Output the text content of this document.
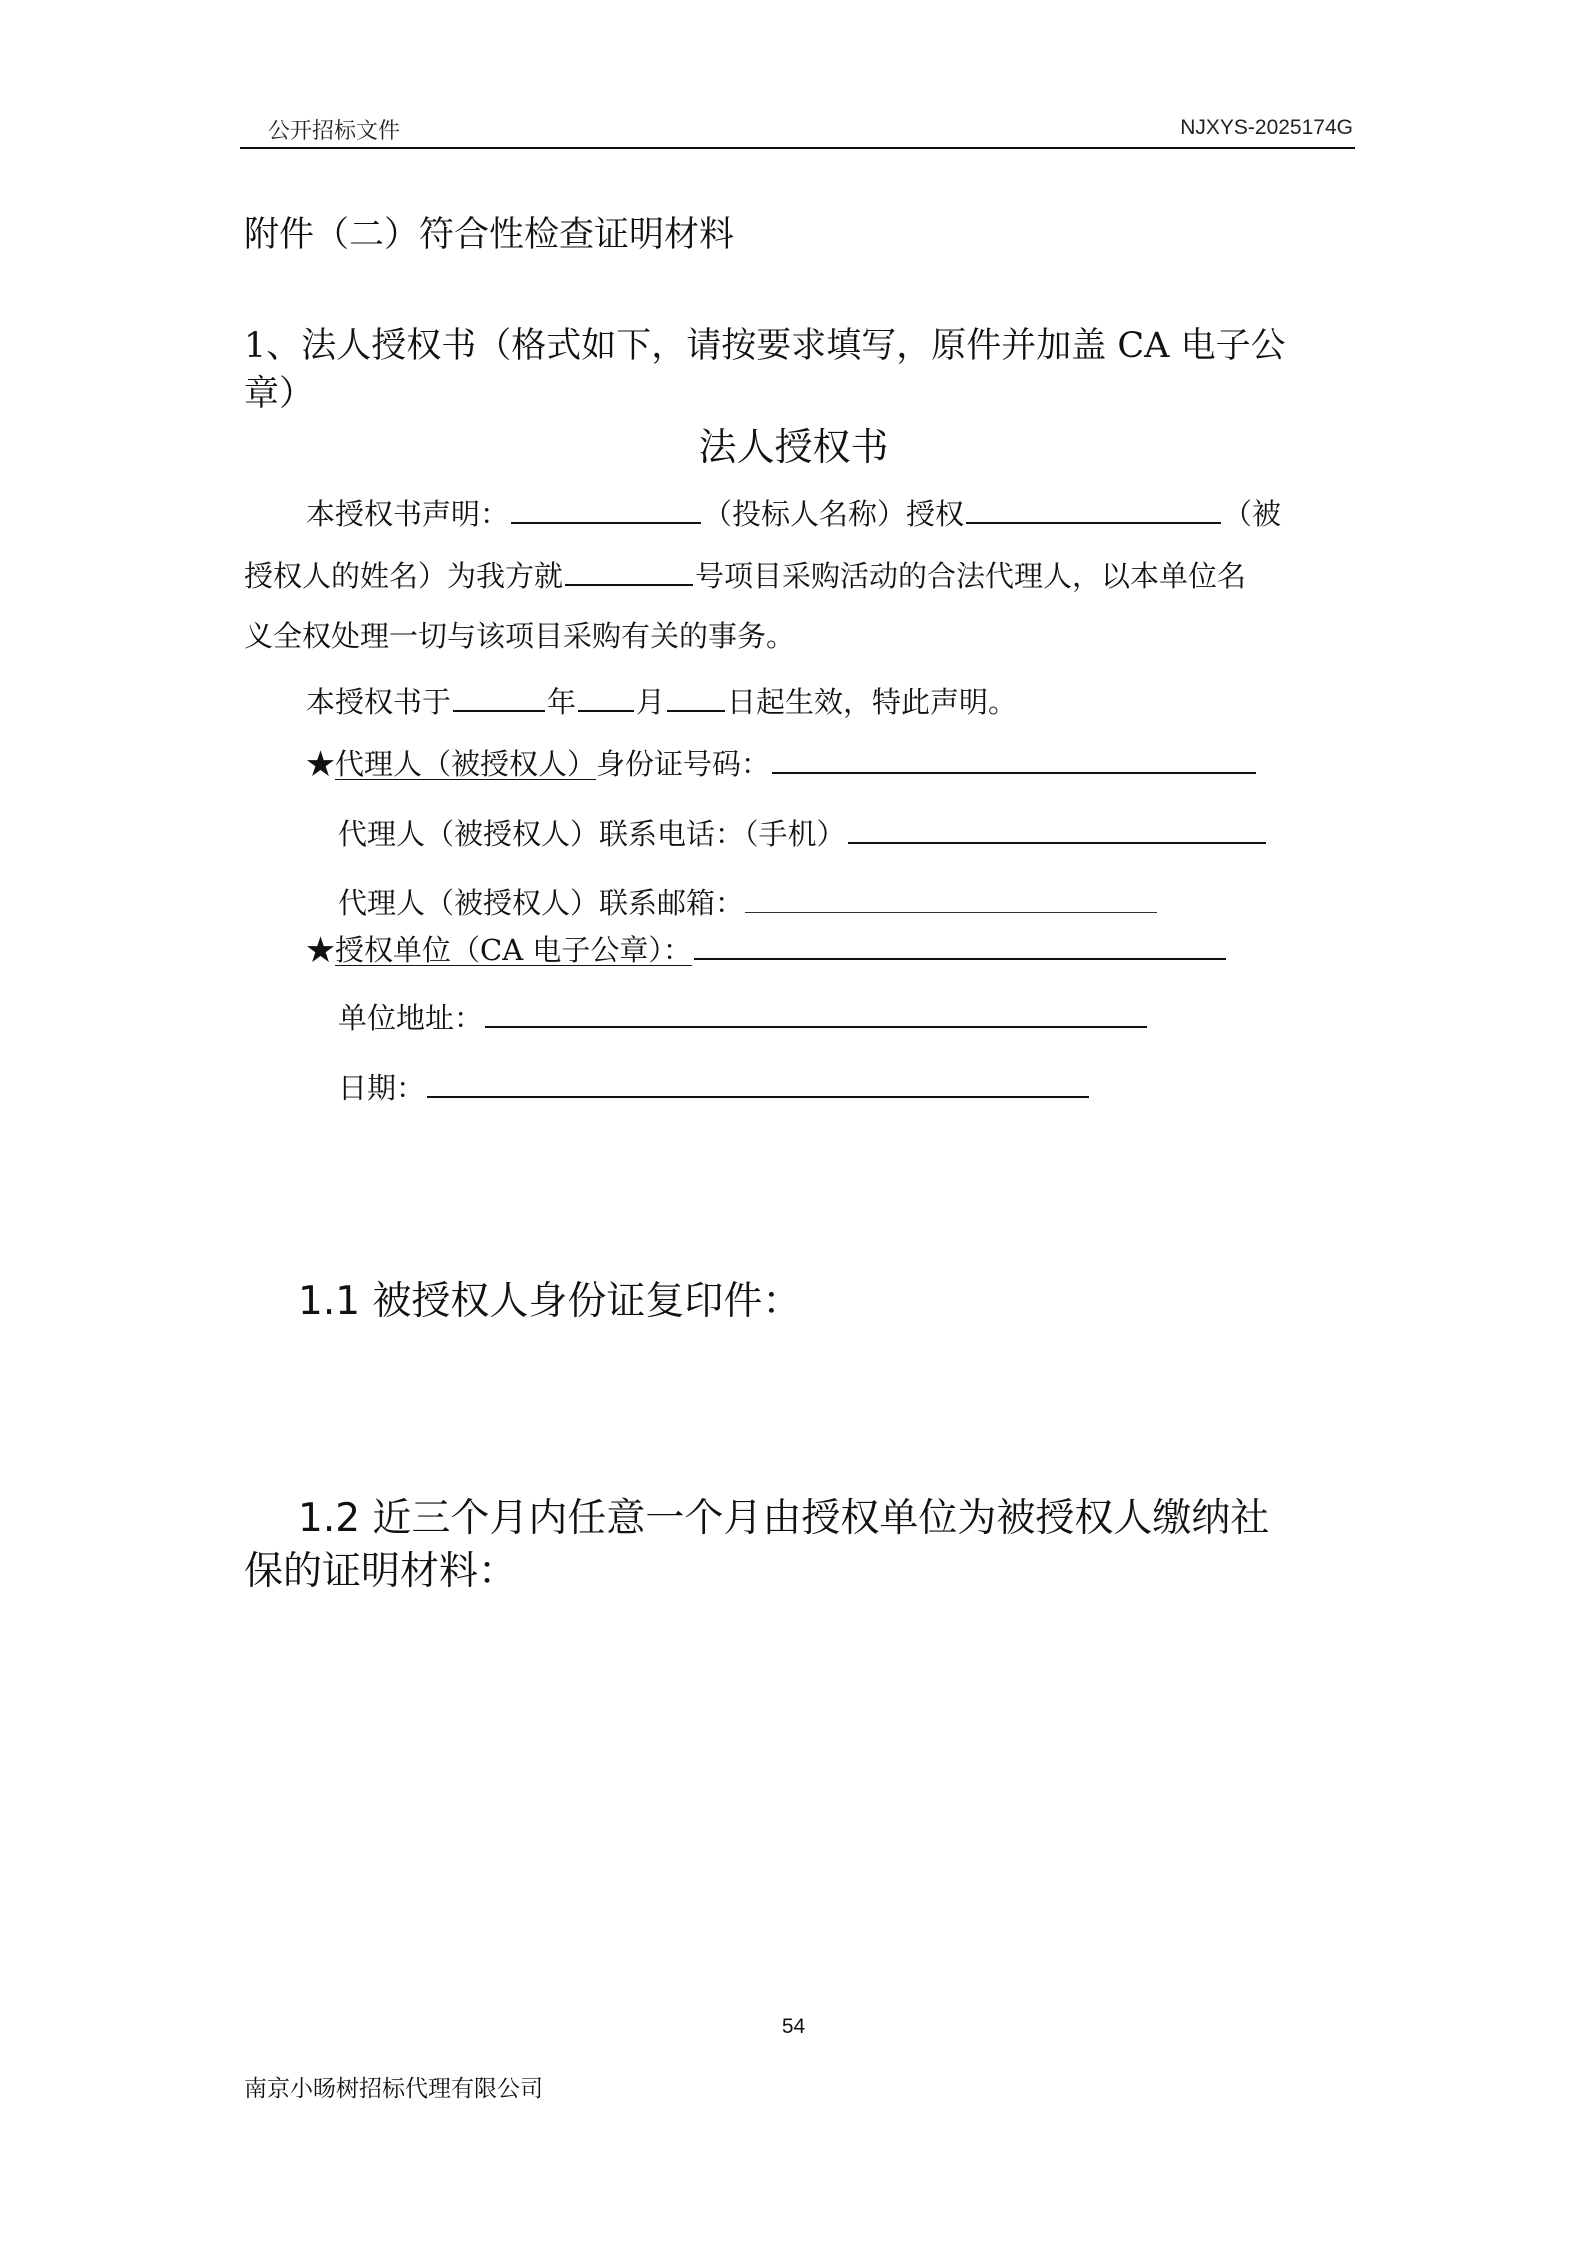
公开招标文件	NJXYS-2025174G
附件（二）符合性检查证明材料
1、法人授权书（格式如下，请按要求填写，原件并加盖 CA 电子公
章）
法人授权书
本授权书声明：	（投标人名称）授权	（被
授权人的姓名）为我方就	号项目采购活动的合法代理人，以本单位名
义全权处理一切与该项目采购有关的事务。
本授权书于	年 月 日起生效，特此声明。
★代理人（被授权人）身份证号码：
代理人（被授权人）联系电话：（手机）
代理人（被授权人）联系邮箱：
★授权单位（CA 电子公章）：
单位地址：
日期：
1.1 被授权人身份证复印件：
1.2 近三个月内任意一个月由授权单位为被授权人缴纳社
保的证明材料：
54
南京小旸树招标代理有限公司
